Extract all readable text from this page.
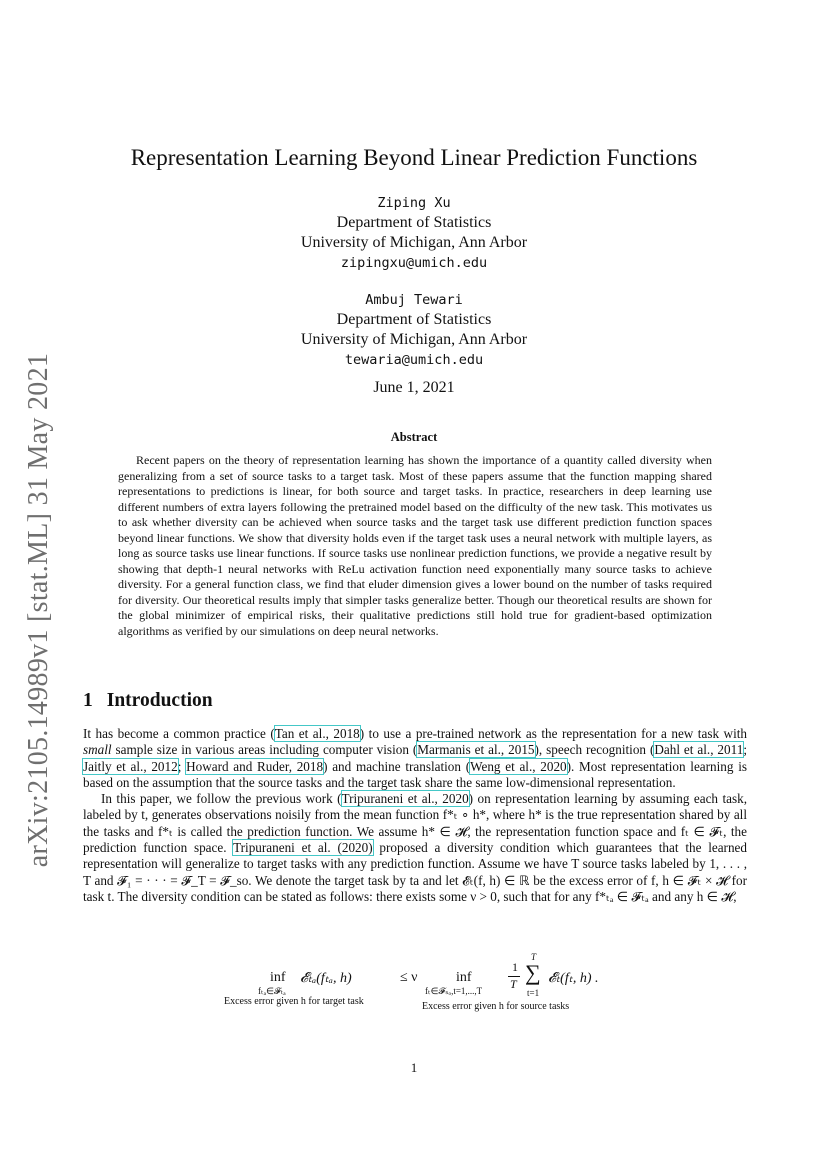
arXiv:2105.14989v1 [stat.ML] 31 May 2021
Representation Learning Beyond Linear Prediction Functions
Ziping Xu
Department of Statistics
University of Michigan, Ann Arbor
zipingxu@umich.edu
Ambuj Tewari
Department of Statistics
University of Michigan, Ann Arbor
tewaria@umich.edu
June 1, 2021
Abstract

Recent papers on the theory of representation learning has shown the importance of a quantity called diversity when generalizing from a set of source tasks to a target task. Most of these papers assume that the function mapping shared representations to predictions is linear, for both source and target tasks. In practice, researchers in deep learning use different numbers of extra layers following the pretrained model based on the difficulty of the new task. This motivates us to ask whether diversity can be achieved when source tasks and the target task use different prediction function spaces beyond linear functions. We show that diversity holds even if the target task uses a neural network with multiple layers, as long as source tasks use linear functions. If source tasks use nonlinear prediction functions, we provide a negative result by showing that depth-1 neural networks with ReLu activation function need exponentially many source tasks to achieve diversity. For a general function class, we find that eluder dimension gives a lower bound on the number of tasks required for diversity. Our theoretical results imply that simpler tasks generalize better. Though our theoretical results are shown for the global minimizer of empirical risks, their qualitative predictions still hold true for gradient-based optimization algorithms as verified by our simulations on deep neural networks.

1 Introduction

It has become a common practice (Tan et al., 2018) to use a pre-trained network as the representation for a new task with small sample size in various areas including computer vision (Marmanis et al., 2015), speech recognition (Dahl et al., 2011; Jaitly et al., 2012; Howard and Ruder, 2018) and machine translation (Weng et al., 2020). Most representation learning is based on the assumption that the source tasks and the target task share the same low-dimensional representation.

In this paper, we follow the previous work (Tripuraneni et al., 2020) on representation learning by assuming each task, labeled by t, generates observations noisily from the mean function f*ₜ ∘ h*, where h* is the true representation shared by all the tasks and f*ₜ is called the prediction function. We assume h* ∈ 𝓗, the representation function space and fₜ ∈ 𝓕ₜ, the prediction function space. Tripuraneni et al. (2020) proposed a diversity condition which guarantees that the learned representation will generalize to target tasks with any prediction function. Assume we have T source tasks labeled by 1, . . . , T and 𝓕₁ = · · · = 𝓕_T = 𝓕_so. We denote the target task by ta and let 𝓔ₜ(f, h) ∈ ℝ be the excess error of f, h ∈ 𝓕ₜ × 𝓗 for task t. The diversity condition can be stated as follows: there exists some ν > 0, such that for any f*ₜₐ ∈ 𝓕ₜₐ and any h ∈ 𝓗,

inf
fₜₐ∈𝓕ₜₐ
𝓔ₜₐ(fₜₐ, h)
Excess error given h for target task
≤ ν	inf
fₜ∈𝓕ₛₒ,t=1,...,T
1
T
T
∑
t=1
𝓔ₜ(fₜ, h) .
Excess error given h for source tasks
1
